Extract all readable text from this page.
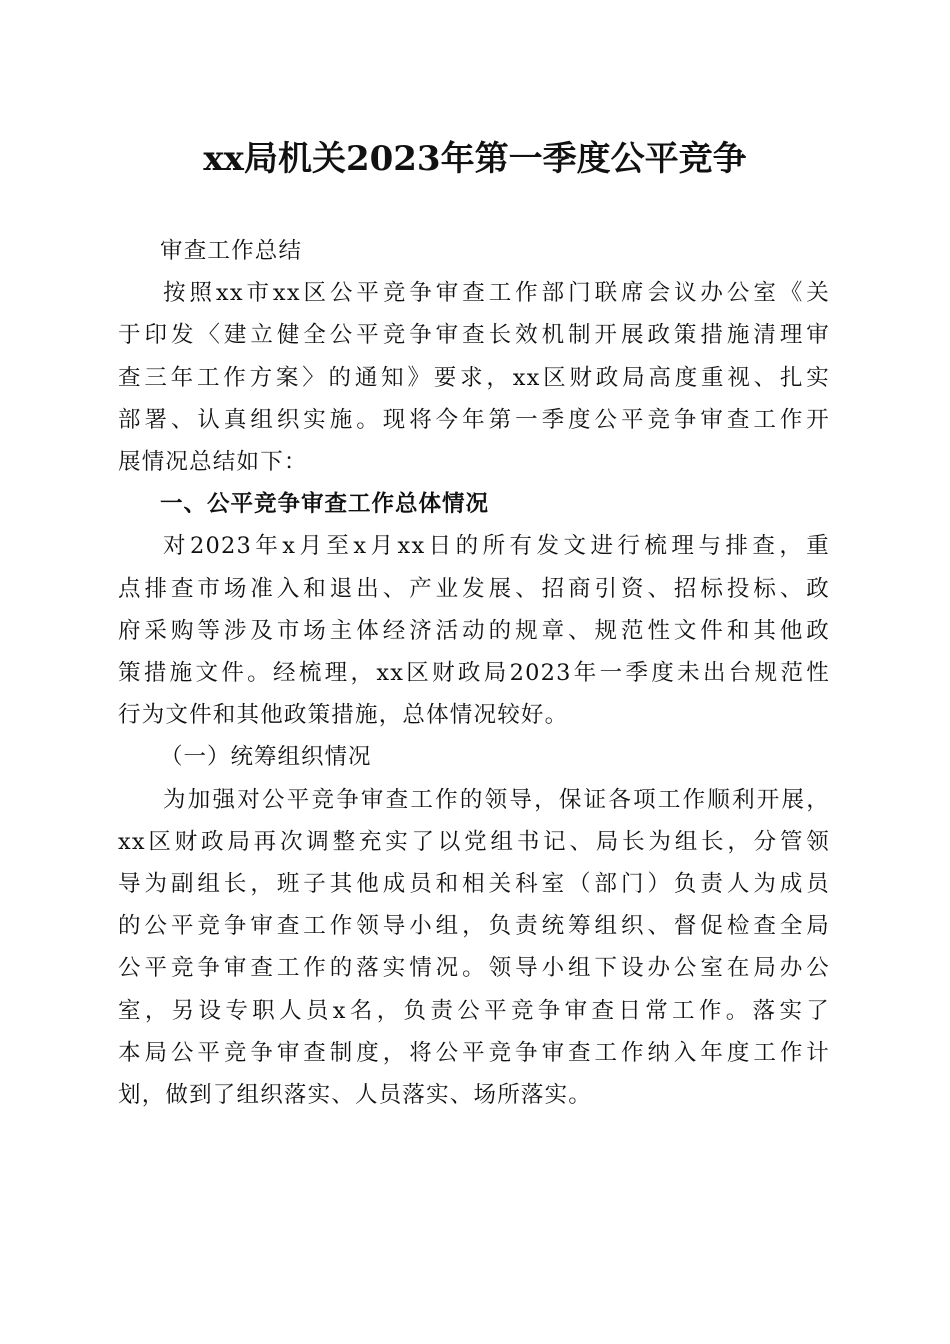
xx局机关2023年第一季度公平竞争
审查工作总结
按照xx市xx区公平竞争审查工作部门联席会议办公室《关
于印发〈建立健全公平竞争审查长效机制开展政策措施清理审
查三年工作方案〉的通知》要求，xx区财政局高度重视、扎实
部署、认真组织实施。现将今年第一季度公平竞争审查工作开
展情况总结如下：
一、公平竞争审查工作总体情况
对2023年x月至x月xx日的所有发文进行梳理与排查，重
点排查市场准入和退出、产业发展、招商引资、招标投标、政
府采购等涉及市场主体经济活动的规章、规范性文件和其他政
策措施文件。经梳理，xx区财政局2023年一季度未出台规范性
行为文件和其他政策措施，总体情况较好。
（一）统筹组织情况
为加强对公平竞争审查工作的领导，保证各项工作顺利开展，
xx区财政局再次调整充实了以党组书记、局长为组长，分管领
导为副组长，班子其他成员和相关科室（部门）负责人为成员
的公平竞争审查工作领导小组，负责统筹组织、督促检查全局
公平竞争审查工作的落实情况。领导小组下设办公室在局办公
室，另设专职人员x名，负责公平竞争审查日常工作。落实了
本局公平竞争审查制度，将公平竞争审查工作纳入年度工作计
划，做到了组织落实、人员落实、场所落实。
